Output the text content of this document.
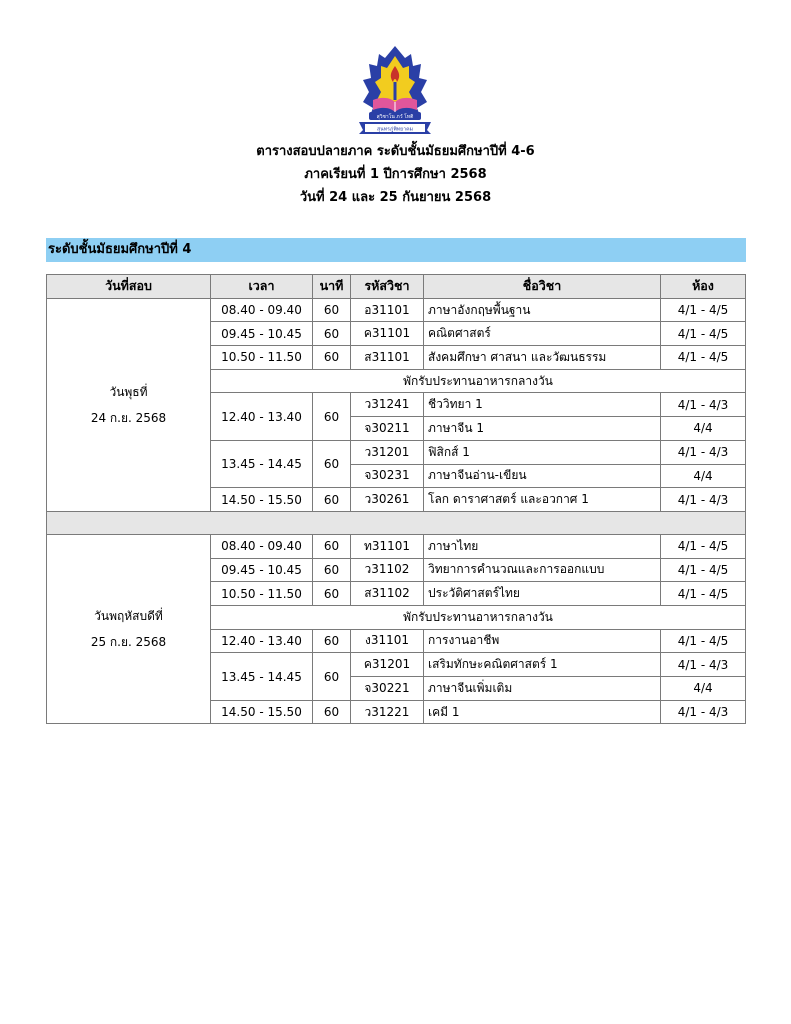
สุวิชาโน ภวํ โหติ
สุนทรภู่พิทยาคม
ตารางสอบปลายภาค ระดับชั้นมัธยมศึกษาปีที่ 4-6
ภาคเรียนที่ 1 ปีการศึกษา 2568
วันที่ 24 และ 25 กันยายน 2568
ระดับชั้นมัธยมศึกษาปีที่ 4
วันที่สอบ	เวลา	นาที	รหัสวิชา	ชื่อวิชา	ห้อง
วันพุธที่
24 ก.ย. 2568	08.40 - 09.40	60	อ31101	ภาษาอังกฤษพื้นฐาน	4/1 - 4/5
	09.45 - 10.45	60	ค31101	คณิตศาสตร์	4/1 - 4/5
	10.50 - 11.50	60	ส31101	สังคมศึกษา ศาสนา และวัฒนธรรม	4/1 - 4/5
	พักรับประทานอาหารกลางวัน				
	12.40 - 13.40	60	ว31241	ชีววิทยา 1	4/1 - 4/3
			จ30211	ภาษาจีน 1	4/4
	13.45 - 14.45	60	ว31201	ฟิสิกส์ 1	4/1 - 4/3
			จ30231	ภาษาจีนอ่าน-เขียน	4/4
	14.50 - 15.50	60	ว30261	โลก ดาราศาสตร์ และอวกาศ 1	4/1 - 4/3

วันพฤหัสบดีที่
25 ก.ย. 2568	08.40 - 09.40	60	ท31101	ภาษาไทย	4/1 - 4/5
	09.45 - 10.45	60	ว31102	วิทยาการคำนวณและการออกแบบ	4/1 - 4/5
	10.50 - 11.50	60	ส31102	ประวัติศาสตร์ไทย	4/1 - 4/5
	พักรับประทานอาหารกลางวัน				
	12.40 - 13.40	60	ง31101	การงานอาชีพ	4/1 - 4/5
	13.45 - 14.45	60	ค31201	เสริมทักษะคณิตศาสตร์ 1	4/1 - 4/3
			จ30221	ภาษาจีนเพิ่มเติม	4/4
	14.50 - 15.50	60	ว31221	เคมี 1	4/1 - 4/3
